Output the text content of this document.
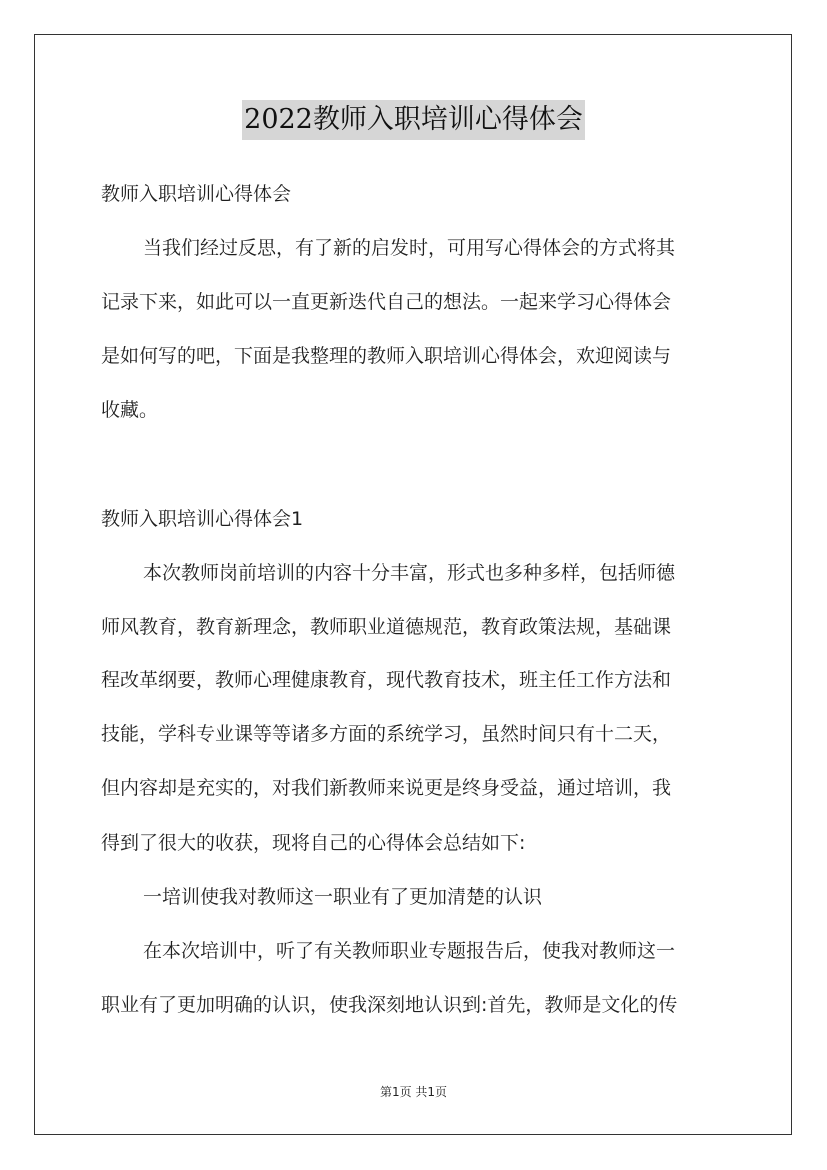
2022教师入职培训心得体会
教师入职培训心得体会
当我们经过反思，有了新的启发时，可用写心得体会的方式将其
记录下来，如此可以一直更新迭代自己的想法。一起来学习心得体会
是如何写的吧，下面是我整理的教师入职培训心得体会，欢迎阅读与
收藏。
教师入职培训心得体会1
本次教师岗前培训的内容十分丰富，形式也多种多样，包括师德
师风教育，教育新理念，教师职业道德规范，教育政策法规，基础课
程改革纲要，教师心理健康教育，现代教育技术，班主任工作方法和
技能，学科专业课等等诸多方面的系统学习，虽然时间只有十二天，
但内容却是充实的，对我们新教师来说更是终身受益，通过培训，我
得到了很大的收获，现将自己的心得体会总结如下:
一培训使我对教师这一职业有了更加清楚的认识
在本次培训中，听了有关教师职业专题报告后，使我对教师这一
职业有了更加明确的认识，使我深刻地认识到:首先，教师是文化的传
第1页 共1页
